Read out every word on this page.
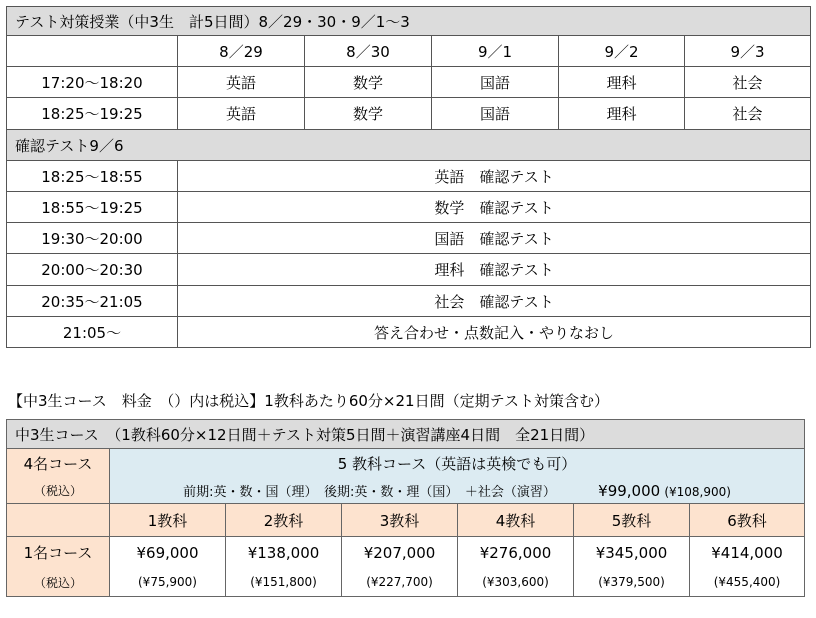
テスト対策授業（中3生　計5日間）8／29・30・9／1～3					
	8／29	8／30	9／1	9／2	9／3
17:20～18:20	英語	数学	国語	理科	社会
18:25～19:25	英語	数学	国語	理科	社会
確認テスト9／6					
18:25～18:55	英語　確認テスト				
18:55～19:25	数学　確認テスト				
19:30～20:00	国語　確認テスト				
20:00～20:30	理科　確認テスト				
20:35～21:05	社会　確認テスト				
21:05～	答え合わせ・点数記入・やりなおし				
【中3生コース　料金　（）内は税込】1教科あたり60分×21日間（定期テスト対策含む）
中3生コース　（1教科60分×12日間＋テスト対策5日間＋演習講座4日間　全21日間）						
4名コース	5 教科コース（英語は英検でも可）					
（税込）	前期:英・数・国（理）　後期:英・数・理（国）　＋社会（演習） ¥99,000 (¥108,900)					
	1教科	2教科	3教科	4教科	5教科	6教科
1名コース	¥69,000	¥138,000	¥207,000	¥276,000	¥345,000	¥414,000
（税込）	(¥75,900)	(¥151,800)	(¥227,700)	(¥303,600)	(¥379,500)	(¥455,400)
